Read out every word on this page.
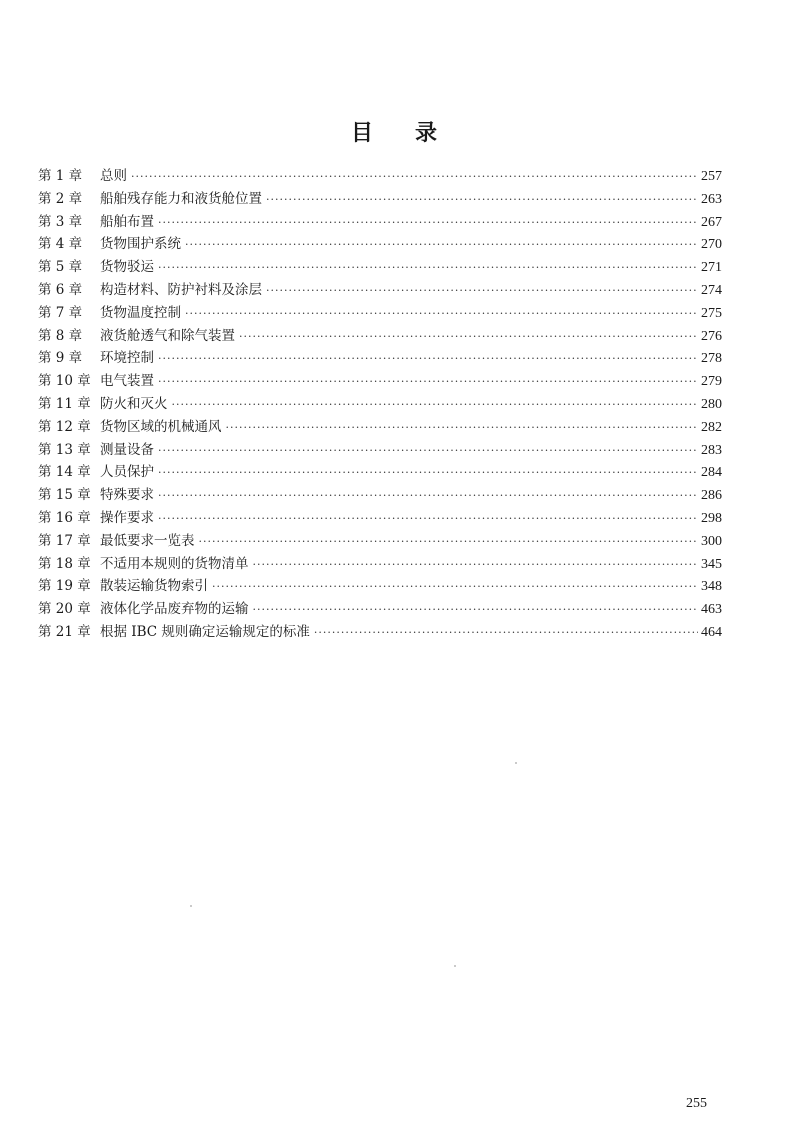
目 录
第 1 章	总则 ·····	257
第 2 章	船舶残存能力和液货舱位置 ·····	263
第 3 章	船舶布置 ·····	267
第 4 章	货物围护系统 ·····	270
第 5 章	货物驳运 ·····	271
第 6 章	构造材料、防护衬料及涂层 ·····	274
第 7 章	货物温度控制 ·····	275
第 8 章	液货舱透气和除气装置 ·····	276
第 9 章	环境控制 ·····	278
第 10 章 电气装置 ·····	279
第 11 章 防火和灭火 ·····	280
第 12 章 货物区域的机械通风 ·····	282
第 13 章 测量设备 ·····	283
第 14 章 人员保护 ·····	284
第 15 章 特殊要求 ·····	286
第 16 章 操作要求 ·····	298
第 17 章 最低要求一览表 ·····	300
第 18 章 不适用本规则的货物清单 ·····	345
第 19 章 散装运输货物索引 ·····	348
第 20 章 液体化学品废弃物的运输 ·····	463
第 21 章 根据 IBC 规则确定运输规定的标准 ·····	464
255
